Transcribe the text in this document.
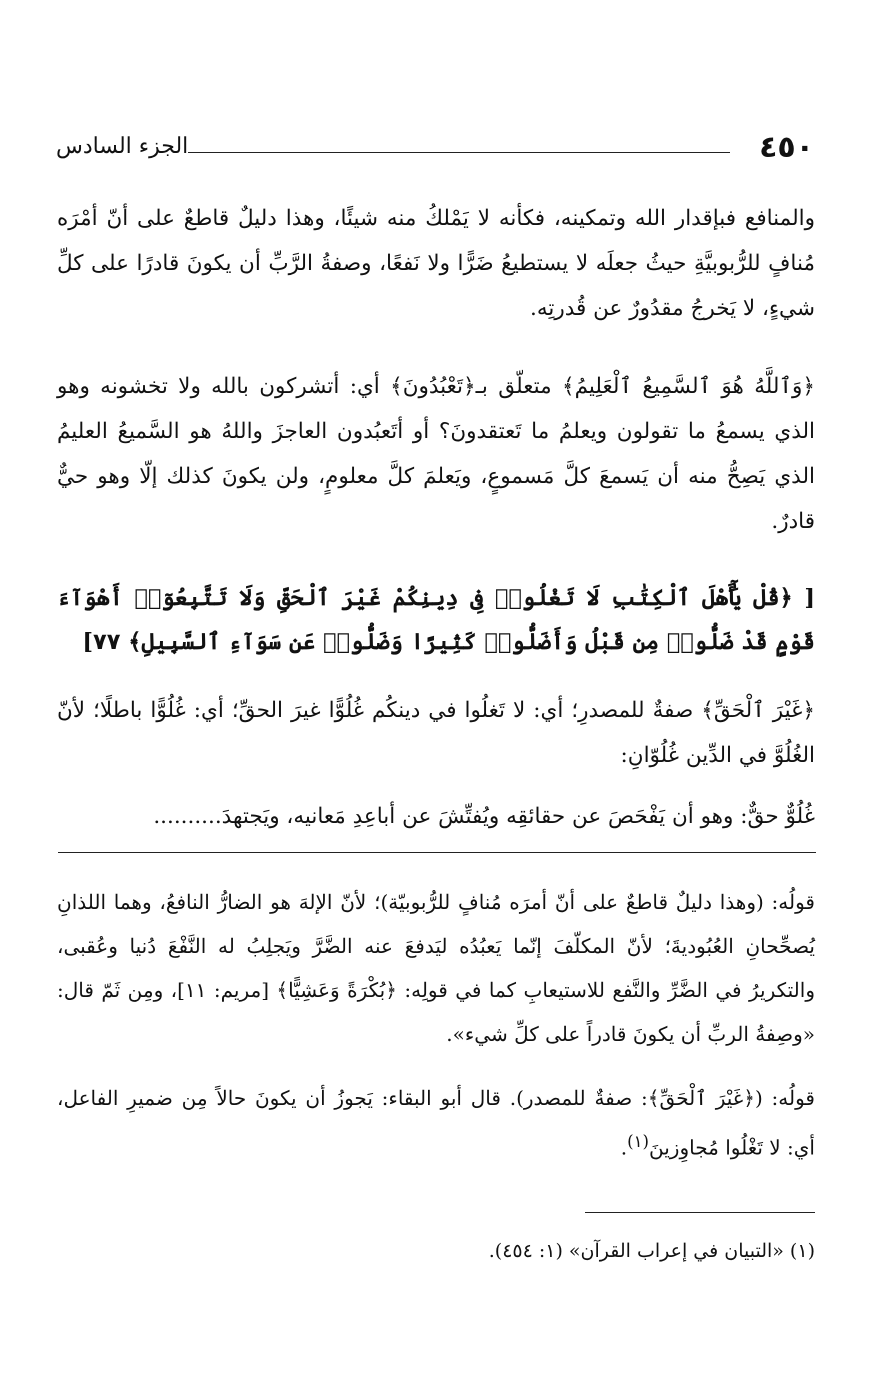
٤٥٠
الجزء السادس

والمنافع فبإقدار الله وتمكينه، فكأنه لا يَمْلكُ منه شيئًا، وهذا دليلٌ قاطعٌ على أنّ أمْرَه مُنافٍ للرُّبوبيَّةِ حيثُ جعلَه لا يستطيعُ ضَرًّا ولا نَفعًا، وصفةُ الرَّبِّ أن يكونَ قادرًا على كلِّ شيءٍ، لا يَخرجُ مقدُورٌ عن قُدرتِه.

﴿وَٱللَّهُ هُوَ ٱلسَّمِيعُ ٱلْعَلِيمُ﴾ متعلّق بـ﴿تَعْبُدُونَ﴾ أي: أتشركون بالله ولا تخشونه وهو الذي يسمعُ ما تقولون ويعلمُ ما تَعتقدونَ؟ أو أتَعبُدون العاجزَ واللهُ هو السَّميعُ العليمُ الذي يَصِحُّ منه أن يَسمعَ كلَّ مَسموعٍ، ويَعلمَ كلَّ معلومٍ، ولن يكونَ كذلك إلّا وهو حيٌّ قادرٌ.

[ ﴿قُلْ يَٰٓأَهْلَ ٱلْكِتَٰبِ لَا تَغْلُوا۟ فِى دِينِكُمْ غَيْرَ ٱلْحَقِّ وَلَا تَتَّبِعُوٓا۟ أَهْوَآءَ قَوْمٍ قَدْ ضَلُّوا۟ مِن قَبْلُ وَأَضَلُّوا۟ كَثِيرًا وَضَلُّوا۟ عَن سَوَآءِ ٱلسَّبِيلِ﴾ ٧٧]

﴿غَيْرَ ٱلْحَقِّ﴾ صفةٌ للمصدرِ؛ أي: لا تَغلُوا في دينكُم غُلُوًّا غيرَ الحقِّ؛ أي: غُلُوًّا باطلًا؛ لأنّ الغُلُوَّ في الدِّين غُلُوّانِ:

غُلُوٌّ حقٌّ: وهو أن يَفْحَصَ عن حقائقِه ويُفتِّشَ عن أباعِدِ مَعانيه، ويَجتهدَ..........

قولُه: (وهذا دليلٌ قاطعٌ على أنّ أمرَه مُنافٍ للرُّبوبيّة)؛ لأنّ الإلهَ هو الضارُّ النافعُ، وهما اللذانِ يُصحِّحانِ العُبُوديةَ؛ لأنّ المكلّفَ إنّما يَعبُدُه ليَدفعَ عنه الضَّرَّ ويَجلِبُ له النَّفْعَ دُنيا وعُقبى، والتكريرُ في الضَّرِّ والنَّفع للاستيعابِ كما في قولِه: ﴿بُكْرَةً وَعَشِيًّا﴾ [مريم: ١١]، ومِن ثَمّ قال: «وصِفةُ الربِّ أن يكونَ قادراً على كلِّ شيء».

قولُه: (﴿غَيْرَ ٱلْحَقِّ﴾: صفةٌ للمصدر). قال أبو البقاء: يَجوزُ أن يكونَ حالاً مِن ضميرِ الفاعل، أي: لا تَغْلُوا مُجاوِزينَ$^{(١)}$.

(١) «التبيان في إعراب القرآن» (١: ٤٥٤).
